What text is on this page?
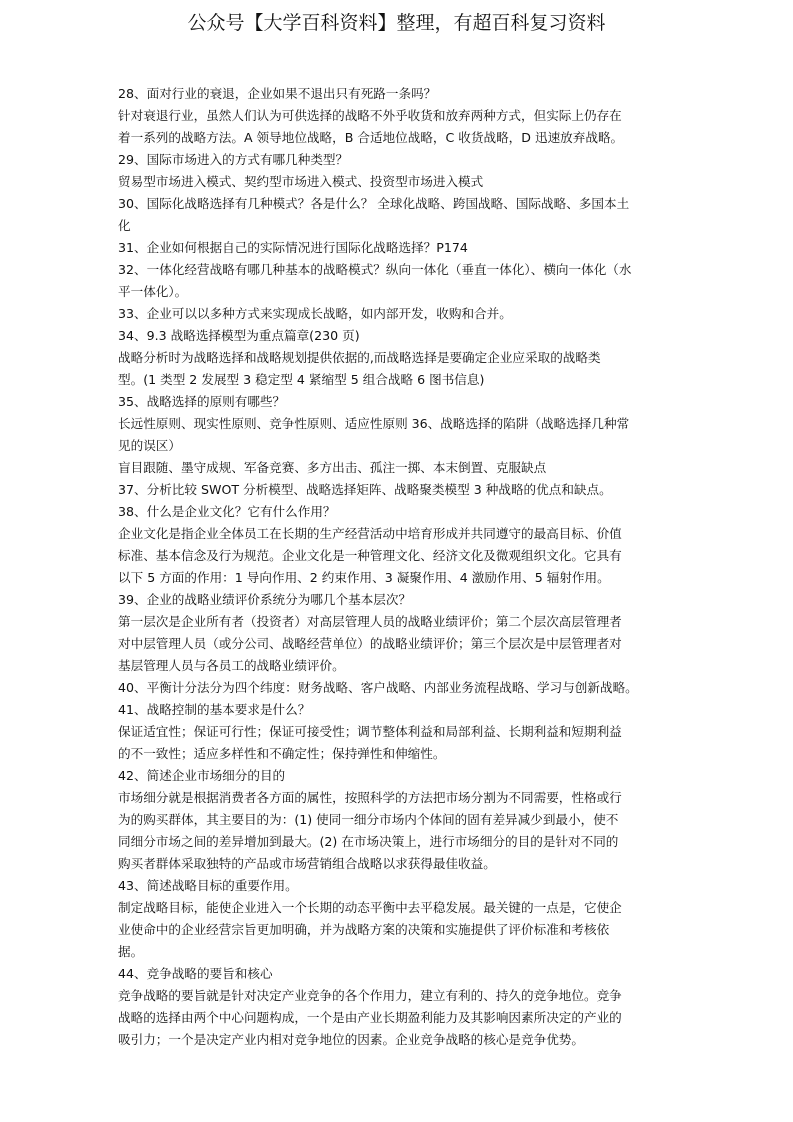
公众号【大学百科资料】整理，有超百科复习资料
28、面对行业的衰退，企业如果不退出只有死路一条吗？
针对衰退行业，虽然人们认为可供选择的战略不外乎收货和放弃两种方式，但实际上仍存在
着一系列的战略方法。A 领导地位战略，B 合适地位战略，C 收货战略，D 迅速放弃战略。
29、国际市场进入的方式有哪几种类型？
贸易型市场进入模式、契约型市场进入模式、投资型市场进入模式
30、国际化战略选择有几种模式？各是什么？ 全球化战略、跨国战略、国际战略、多国本土
化
31、企业如何根据自己的实际情况进行国际化战略选择？P174
32、一体化经营战略有哪几种基本的战略模式？纵向一体化（垂直一体化）、横向一体化（水
平一体化）。
33、企业可以以多种方式来实现成长战略，如内部开发，收购和合并。
34、9.3 战略选择模型为重点篇章(230 页)
战略分析时为战略选择和战略规划提供依据的,而战略选择是要确定企业应采取的战略类
型。(1 类型 2 发展型 3 稳定型 4 紧缩型 5 组合战略 6 图书信息)
35、战略选择的原则有哪些？
长远性原则、现实性原则、竞争性原则、适应性原则 36、战略选择的陷阱（战略选择几种常
见的误区）
盲目跟随、墨守成规、军备竞赛、多方出击、孤注一掷、本末倒置、克服缺点
37、分析比较 SWOT 分析模型、战略选择矩阵、战略聚类模型 3 种战略的优点和缺点。
38、什么是企业文化？它有什么作用？
企业文化是指企业全体员工在长期的生产经营活动中培育形成并共同遵守的最高目标、价值
标准、基本信念及行为规范。企业文化是一种管理文化、经济文化及微观组织文化。它具有
以下 5 方面的作用：1 导向作用、2 约束作用、3 凝聚作用、4 激励作用、5 辐射作用。
39、企业的战略业绩评价系统分为哪几个基本层次？
第一层次是企业所有者（投资者）对高层管理人员的战略业绩评价；第二个层次高层管理者
对中层管理人员（或分公司、战略经营单位）的战略业绩评价；第三个层次是中层管理者对
基层管理人员与各员工的战略业绩评价。
40、平衡计分法分为四个纬度：财务战略、客户战略、内部业务流程战略、学习与创新战略。
41、战略控制的基本要求是什么？
保证适宜性；保证可行性；保证可接受性；调节整体利益和局部利益、长期利益和短期利益
的不一致性；适应多样性和不确定性；保持弹性和伸缩性。
42、简述企业市场细分的目的
市场细分就是根据消费者各方面的属性，按照科学的方法把市场分割为不同需要，性格或行
为的购买群体，其主要目的为：(1) 使同一细分市场内个体间的固有差异减少到最小，使不
同细分市场之间的差异增加到最大。(2) 在市场决策上，进行市场细分的目的是针对不同的
购买者群体采取独特的产品或市场营销组合战略以求获得最佳收益。
43、简述战略目标的重要作用。
制定战略目标，能使企业进入一个长期的动态平衡中去平稳发展。最关键的一点是，它使企
业使命中的企业经营宗旨更加明确，并为战略方案的决策和实施提供了评价标准和考核依
据。
44、竞争战略的要旨和核心
竞争战略的要旨就是针对决定产业竞争的各个作用力，建立有利的、持久的竞争地位。竞争
战略的选择由两个中心问题构成，一个是由产业长期盈利能力及其影响因素所决定的产业的
吸引力；一个是决定产业内相对竞争地位的因素。企业竞争战略的核心是竞争优势。
